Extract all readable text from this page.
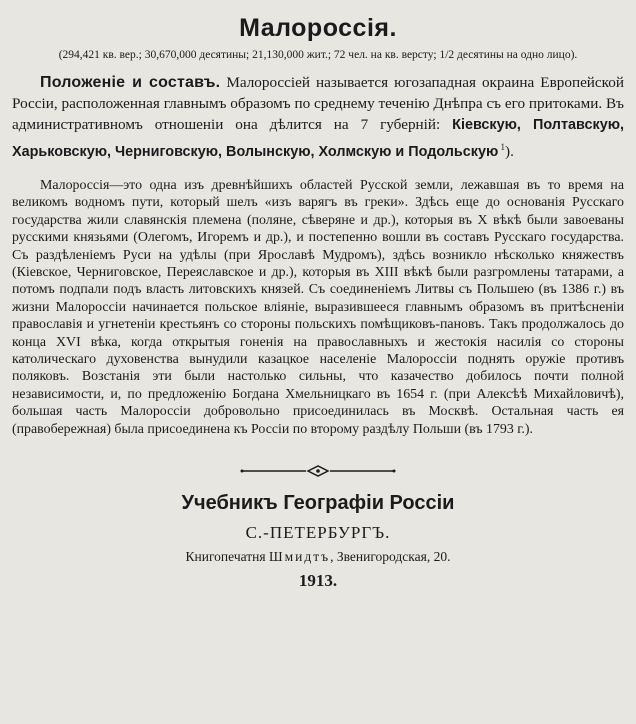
Малороссія.
(294,421 кв. вер.; 30,670,000 десятины; 21,130,000 жит.; 72 чел. на кв. версту; 1/2 десятины на одно лицо).

Положеніе и составъ. Малороссіей называется югозападная окраина Европейской Россіи, расположенная главнымъ образомъ по среднему теченію Днѣпра съ его притоками. Въ административномъ отношеніи она дѣлится на 7 губерній: Кіевскую, Полтавскую, Харьковскую, Черниговскую, Волынскую, Холмскую и Подольскую $^1$).

Малороссія—это одна изъ древнѣйшихъ областей Русской земли, лежавшая въ то время на великомъ водномъ пути, который шелъ «изъ варягъ въ греки». Здѣсь еще до основанія Русскаго государства жили славянскія племена (поляне, сѣверяне и др.), которыя въ X вѣкѣ были завоеваны русскими князьями (Олегомъ, Игоремъ и др.), и постепенно вошли въ составъ Русскаго государства. Съ раздѣленіемъ Руси на удѣлы (при Ярославѣ Мудромъ), здѣсь возникло нѣсколько княжествъ (Кіевское, Черниговское, Переяславское и др.), которыя въ XIII вѣкѣ были разгромлены татарами, а потомъ подпали подъ власть литовскихъ князей. Съ соединеніемъ Литвы съ Польшею (въ 1386 г.) въ жизни Малороссіи начинается польское вліяніе, выразившееся главнымъ образомъ въ притѣсненіи православія и угнетеніи крестьянъ со стороны польскихъ помѣщиковъ-пановъ. Такъ продолжалось до конца XVI вѣка, когда открытыя гоненія на православныхъ и жестокія насилія со стороны католическаго духовенства вынудили казацкое населеніе Малороссіи поднять оружіе противъ поляковъ. Возстанія эти были настолько сильны, что казачество добилось почти полной независимости, и, по предложенію Богдана Хмельницкаго въ 1654 г. (при Алексѣѣ Михайловичѣ), большая часть Малороссіи добровольно присоединилась въ Москвѣ. Остальная часть ея (правобережная) была присоединена къ Россіи по второму раздѣлу Польши (въ 1793 г.).

Учебникъ Географіи Россіи
С.-ПЕТЕРБУРГЪ.
Книгопечатня Шмидтъ, Звенигородская, 20.
1913.
